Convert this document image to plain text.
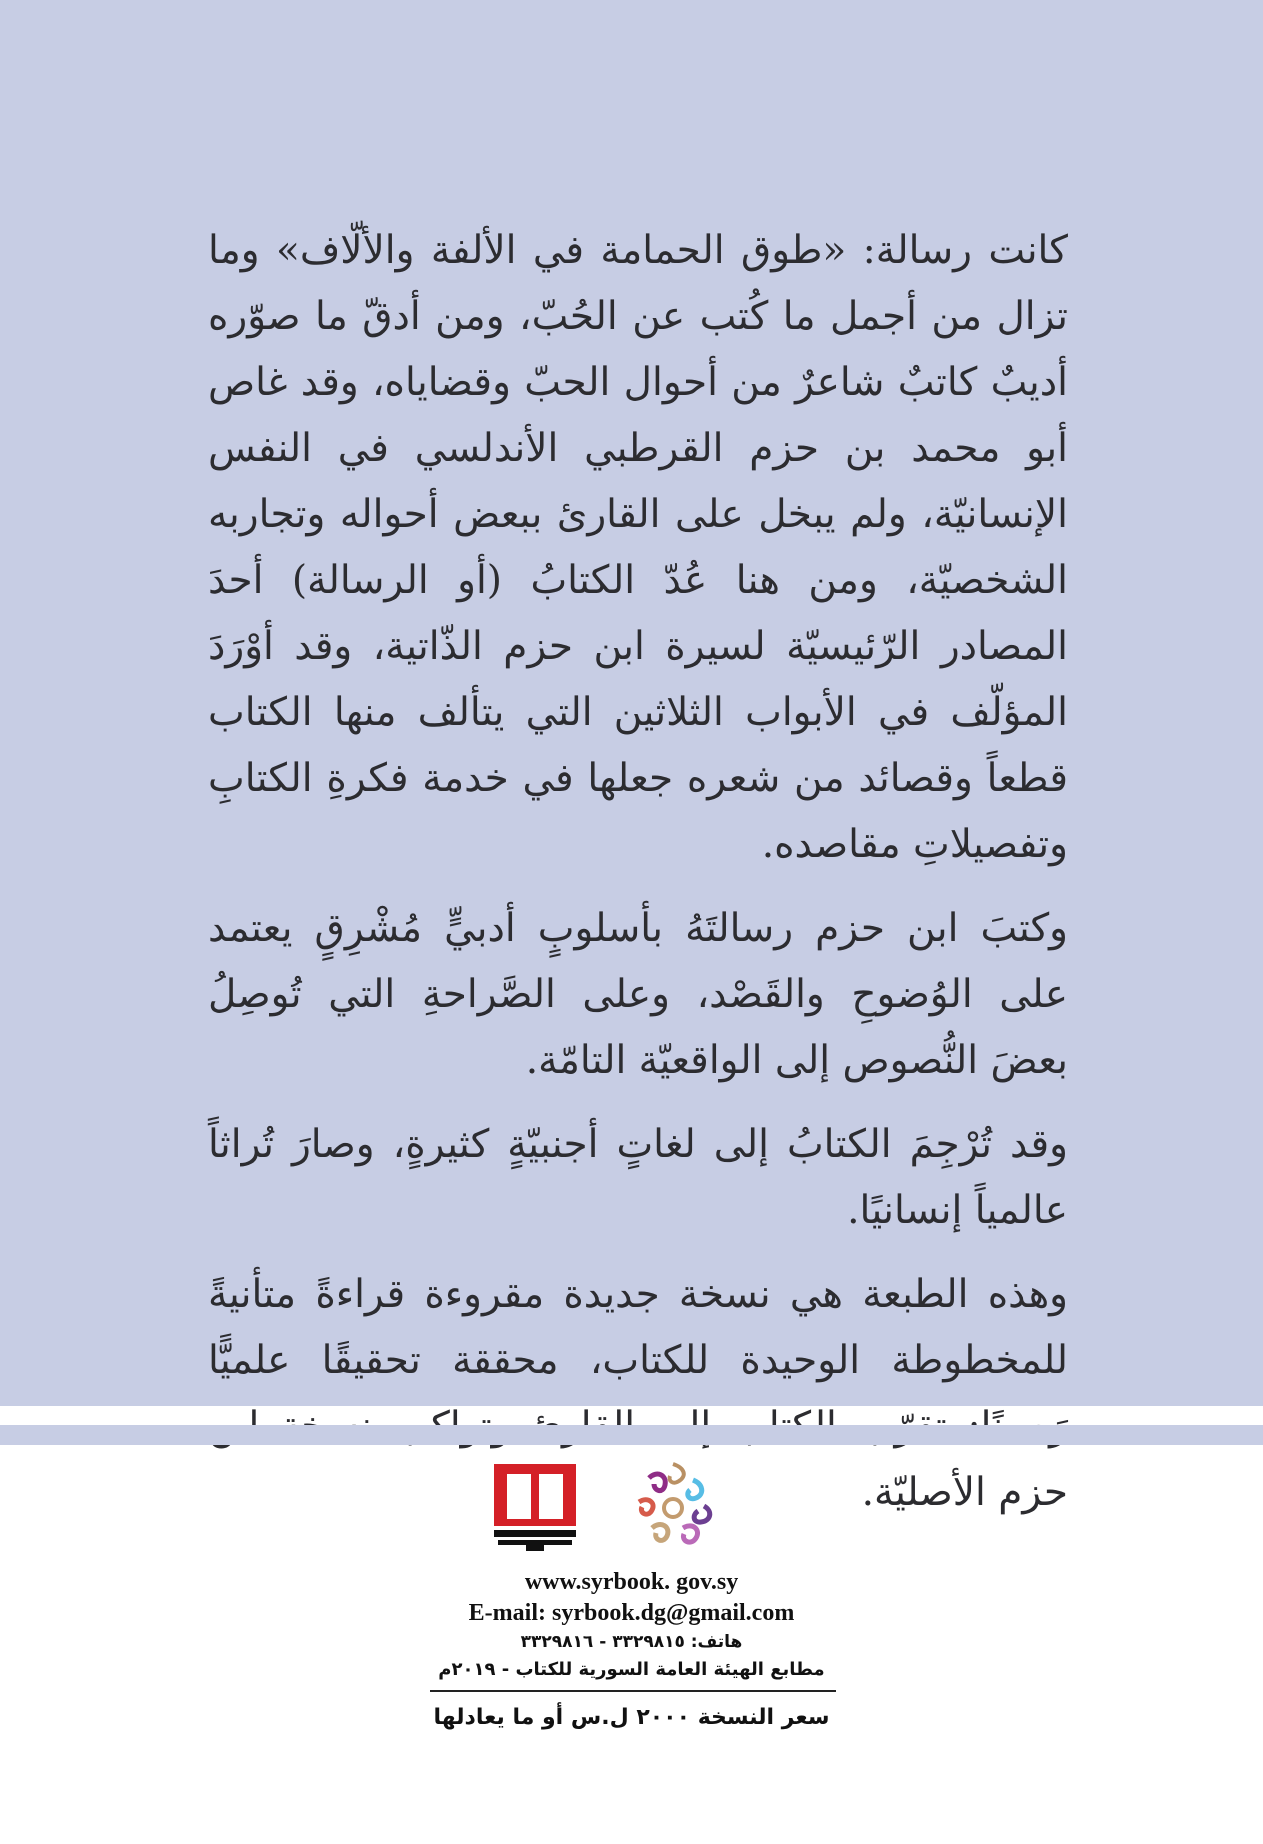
كانت رسالة: «طوق الحمامة في الألفة والألّاف» وما تزال من أجمل ما كُتب عن الحُبّ، ومن أدقّ ما صوّره أديبٌ كاتبٌ شاعرٌ من أحوال الحبّ وقضاياه، وقد غاص أبو محمد بن حزم القرطبي الأندلسي في النفس الإنسانيّة، ولم يبخل على القارئ ببعض أحواله وتجاربه الشخصيّة، ومن هنا عُدّ الكتابُ (أو الرسالة) أحدَ المصادر الرّئيسيّة لسيرة ابن حزم الذّاتية، وقد أوْرَدَ المؤلّف في الأبواب الثلاثين التي يتألف منها الكتاب قطعاً وقصائد من شعره جعلها في خدمة فكرةِ الكتابِ وتفصيلاتِ مقاصده.

وكتبَ ابن حزم رسالتَهُ بأسلوبٍ أدبيٍّ مُشْرِقٍ يعتمد على الوُضوحِ والقَصْد، وعلى الصَّراحةِ التي تُوصِلُ بعضَ النُّصوص إلى الواقعيّة التامّة.

وقد تُرْجِمَ الكتابُ إلى لغاتٍ أجنبيّةٍ كثيرةٍ، وصارَ تُراثاً عالمياً إنسانيًا.

وهذه الطبعة هي نسخة جديدة مقروءة قراءةً متأنيةً للمخطوطة الوحيدة للكتاب، محققة تحقيقًا علميًّا حزم الأصليّة.

www.syrbook. gov.sy

E-mail: syrbook.dg@gmail.com

هاتف: ٣٣٢٩٨١٥ - ٣٣٢٩٨١٦

مطابع الهيئة العامة السورية للكتاب - ٢٠١٩م

سعر النسخة ٢٠٠٠ ل.س أو ما يعادلها
